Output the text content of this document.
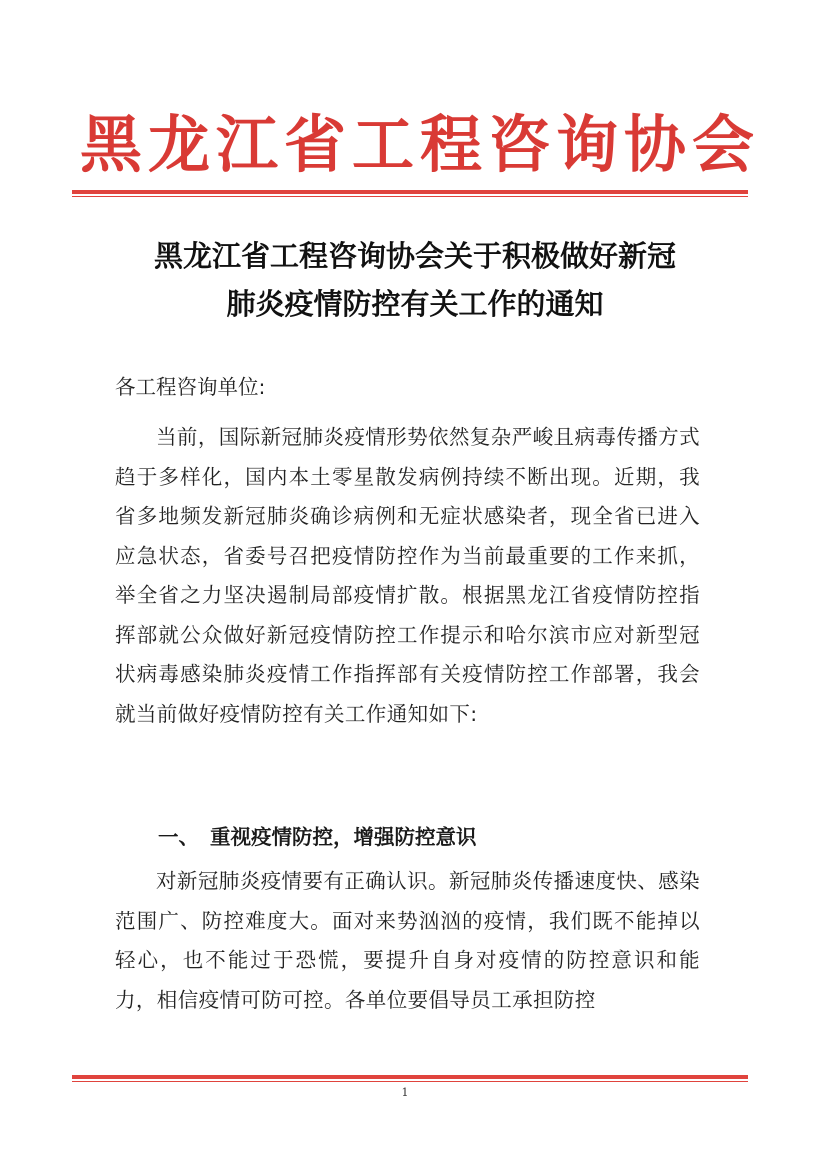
黑龙江省工程咨询协会
黑龙江省工程咨询协会关于积极做好新冠
肺炎疫情防控有关工作的通知
各工程咨询单位:
当前，国际新冠肺炎疫情形势依然复杂严峻且病毒传播方式趋于多样化，国内本土零星散发病例持续不断出现。近期，我省多地频发新冠肺炎确诊病例和无症状感染者，现全省已进入应急状态，省委号召把疫情防控作为当前最重要的工作来抓，举全省之力坚决遏制局部疫情扩散。根据黑龙江省疫情防控指挥部就公众做好新冠疫情防控工作提示和哈尔滨市应对新型冠状病毒感染肺炎疫情工作指挥部有关疫情防控工作部署，我会就当前做好疫情防控有关工作通知如下:
一、 重视疫情防控，增强防控意识
对新冠肺炎疫情要有正确认识。新冠肺炎传播速度快、感染范围广、防控难度大。面对来势汹汹的疫情，我们既不能掉以轻心，也不能过于恐慌，要提升自身对疫情的防控意识和能力，相信疫情可防可控。各单位要倡导员工承担防控
1
